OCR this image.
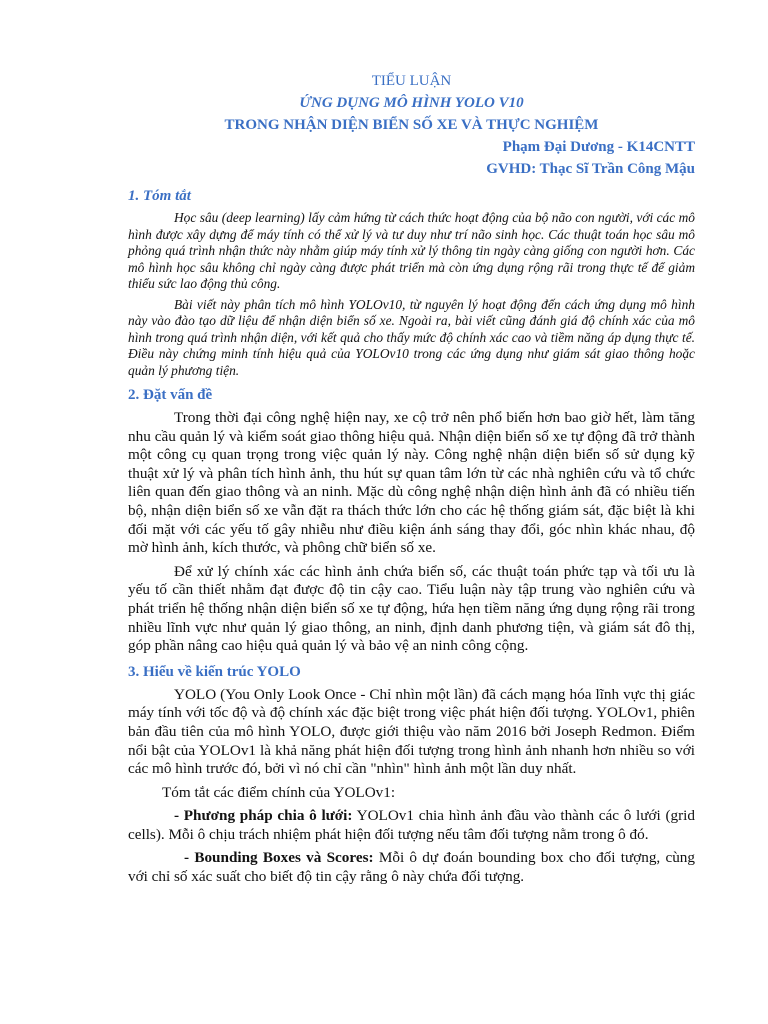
TIỂU LUẬN

ỨNG DỤNG MÔ HÌNH YOLO V10

TRONG NHẬN DIỆN BIỂN SỐ XE VÀ THỰC NGHIỆM

Phạm Đại Dương - K14CNTT

GVHD: Thạc Sĩ Trần Công Mậu

1. Tóm tắt

Học sâu (deep learning) lấy cảm hứng từ cách thức hoạt động của bộ não con người, với các mô hình được xây dựng để máy tính có thể xử lý và tư duy như trí não sinh học. Các thuật toán học sâu mô phỏng quá trình nhận thức này nhằm giúp máy tính xử lý thông tin ngày càng giống con người hơn. Các mô hình học sâu không chỉ ngày càng được phát triển mà còn ứng dụng rộng rãi trong thực tế để giảm thiểu sức lao động thủ công.

Bài viết này phân tích mô hình YOLOv10, từ nguyên lý hoạt động đến cách ứng dụng mô hình này vào đào tạo dữ liệu để nhận diện biển số xe. Ngoài ra, bài viết cũng đánh giá độ chính xác của mô hình trong quá trình nhận diện, với kết quả cho thấy mức độ chính xác cao và tiềm năng áp dụng thực tế. Điều này chứng minh tính hiệu quả của YOLOv10 trong các ứng dụng như giám sát giao thông hoặc quản lý phương tiện.

2. Đặt vấn đề

Trong thời đại công nghệ hiện nay, xe cộ trở nên phổ biến hơn bao giờ hết, làm tăng nhu cầu quản lý và kiểm soát giao thông hiệu quả. Nhận diện biển số xe tự động đã trở thành một công cụ quan trọng trong việc quản lý này. Công nghệ nhận diện biển số sử dụng kỹ thuật xử lý và phân tích hình ảnh, thu hút sự quan tâm lớn từ các nhà nghiên cứu và tổ chức liên quan đến giao thông và an ninh. Mặc dù công nghệ nhận diện hình ảnh đã có nhiều tiến bộ, nhận diện biển số xe vẫn đặt ra thách thức lớn cho các hệ thống giám sát, đặc biệt là khi đối mặt với các yếu tố gây nhiễu như điều kiện ánh sáng thay đổi, góc nhìn khác nhau, độ mờ hình ảnh, kích thước, và phông chữ biển số xe.

Để xử lý chính xác các hình ảnh chứa biển số, các thuật toán phức tạp và tối ưu là yếu tố cần thiết nhằm đạt được độ tin cậy cao. Tiểu luận này tập trung vào nghiên cứu và phát triển hệ thống nhận diện biển số xe tự động, hứa hẹn tiềm năng ứng dụng rộng rãi trong nhiều lĩnh vực như quản lý giao thông, an ninh, định danh phương tiện, và giám sát đô thị, góp phần nâng cao hiệu quả quản lý và bảo vệ an ninh công cộng.

3. Hiểu về kiến trúc YOLO

YOLO (You Only Look Once - Chỉ nhìn một lần) đã cách mạng hóa lĩnh vực thị giác máy tính với tốc độ và độ chính xác đặc biệt trong việc phát hiện đối tượng. YOLOv1, phiên bản đầu tiên của mô hình YOLO, được giới thiệu vào năm 2016 bởi Joseph Redmon. Điểm nổi bật của YOLOv1 là khả năng phát hiện đối tượng trong hình ảnh nhanh hơn nhiều so với các mô hình trước đó, bởi vì nó chỉ cần "nhìn" hình ảnh một lần duy nhất.

Tóm tắt các điểm chính của YOLOv1:

- Phương pháp chia ô lưới: YOLOv1 chia hình ảnh đầu vào thành các ô lưới (grid cells). Mỗi ô chịu trách nhiệm phát hiện đối tượng nếu tâm đối tượng nằm trong ô đó.

- Bounding Boxes và Scores: Mỗi ô dự đoán bounding box cho đối tượng, cùng với chỉ số xác suất cho biết độ tin cậy rằng ô này chứa đối tượng.
